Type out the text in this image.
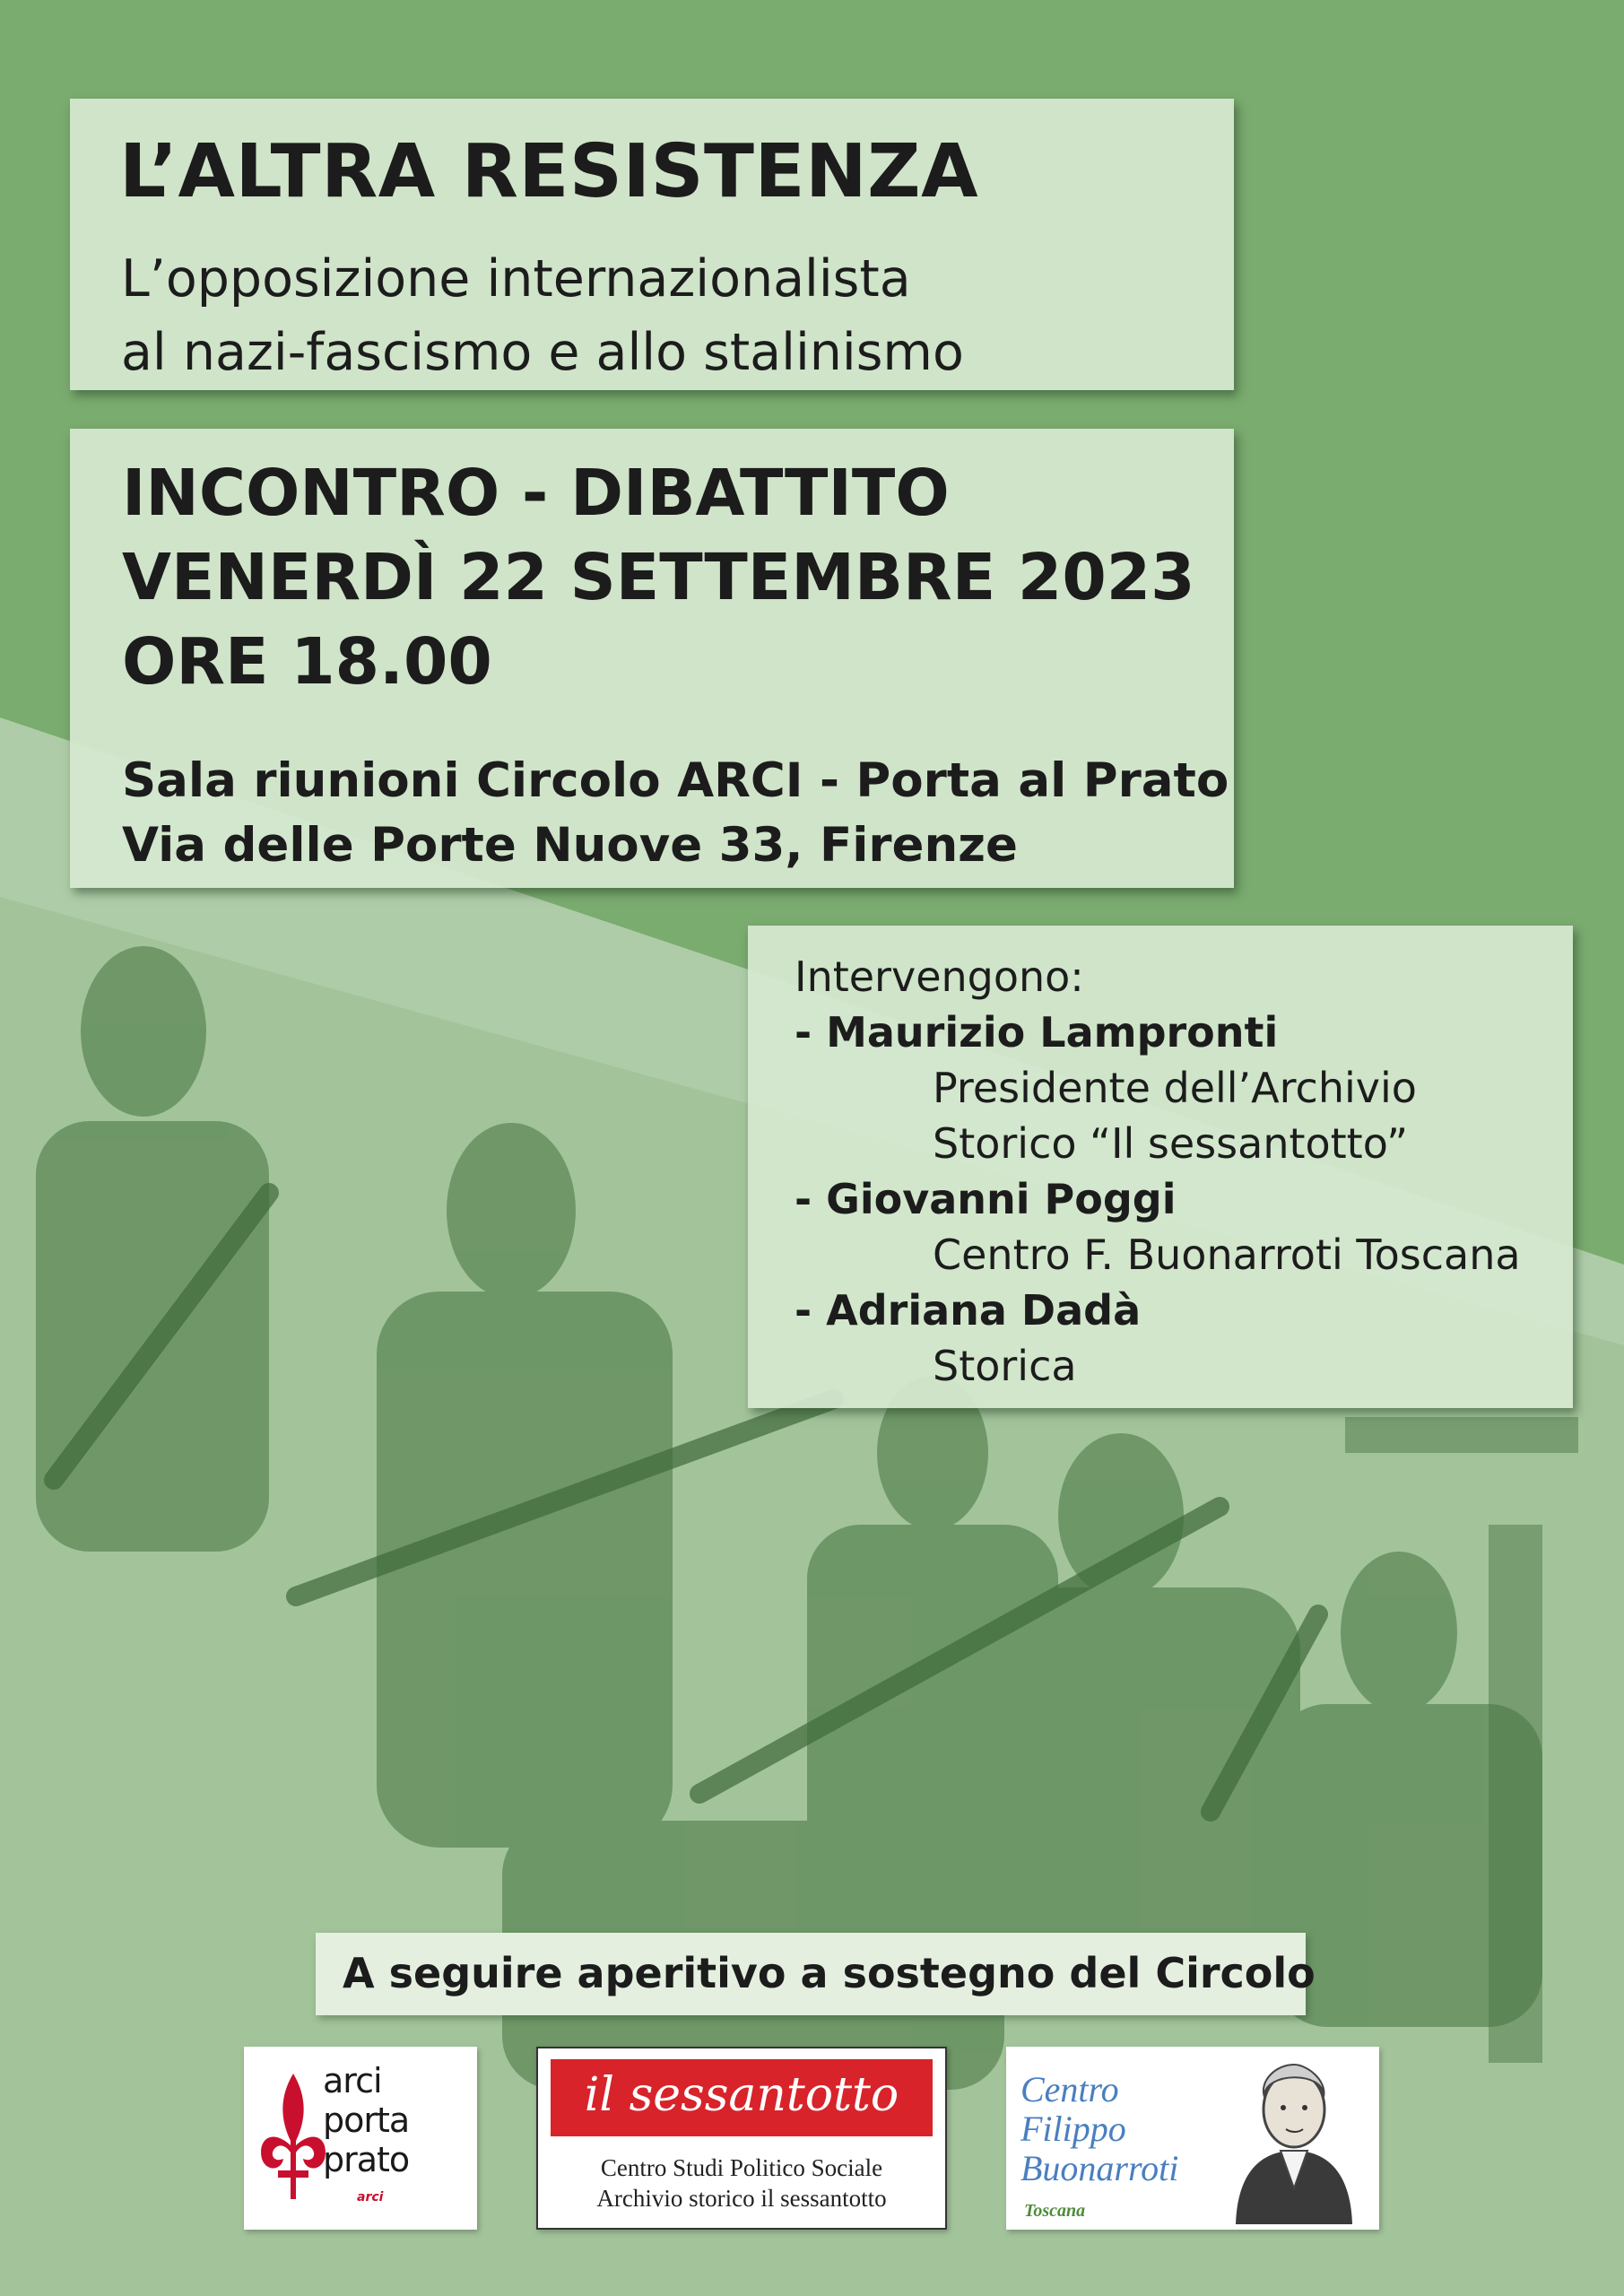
L’ALTRA RESISTENZA

L’opposizione internazionalista
al nazi-fascismo e allo stalinismo

INCONTRO - DIBATTITO

VENERDÌ 22 SETTEMBRE 2023

ORE 18.00

Sala riunioni Circolo ARCI - Porta al Prato

Via delle Porte Nuove 33, Firenze

Intervengono:

- Maurizio Lampronti

Presidente dell’Archivio

Storico “Il sessantotto”

- Giovanni Poggi

Centro F. Buonarroti Toscana

- Adriana Dadà

Storica

A seguire aperitivo a sostegno del Circolo

arci
porta
prato
arci
il sessantotto
Centro Studi Politico Sociale
Archivio storico il sessantotto
Centro
Filippo
Buonarroti
Toscana
